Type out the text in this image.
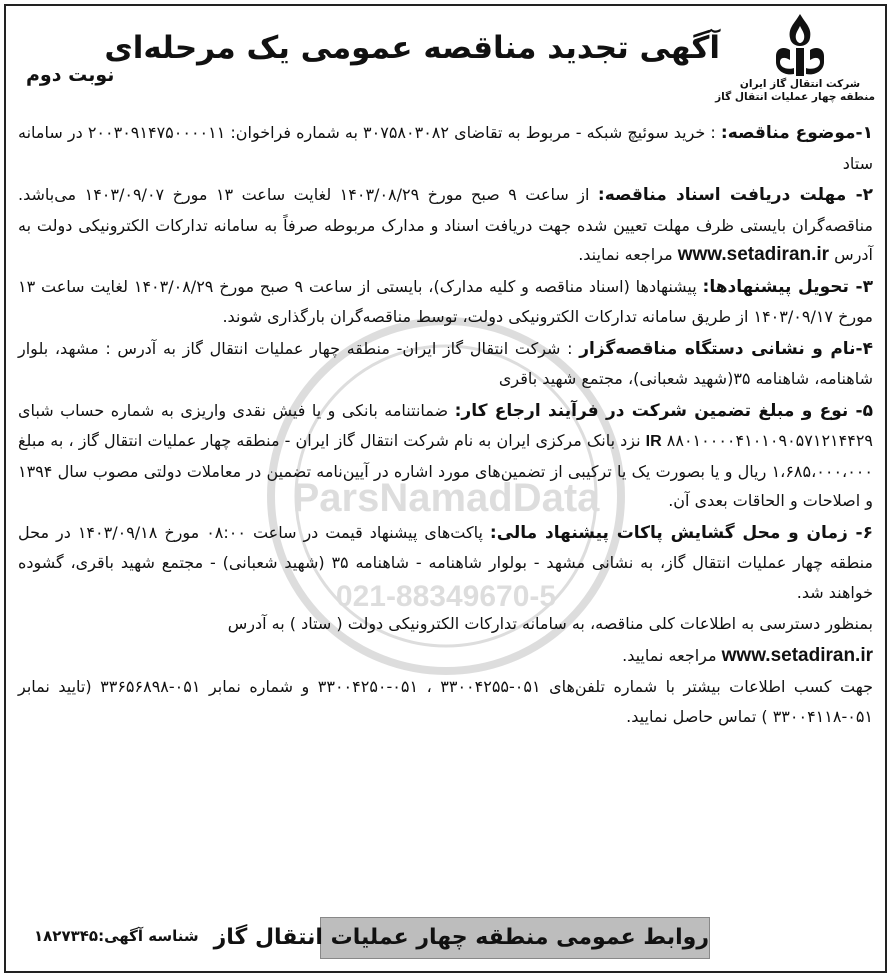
شرکت انتقال گاز ایران
منطقه چهار عملیات انتقال گاز
آگهی تجدید مناقصه عمومی یک مرحله‌ای
نوبت دوم
ParsNamadData
021-88349670-5

۱-موضوع مناقصه: : خرید سوئیچ شبکه - مربوط به تقاضای ۳۰۷۵۸۰۳۰۸۲ به شماره فراخوان: ۲۰۰۳۰۹۱۴۷۵۰۰۰۰۱۱ در سامانه ستاد

۲- مهلت دریافت اسناد مناقصه: از ساعت ۹ صبح مورخ ۱۴۰۳/۰۸/۲۹ لغایت ساعت ۱۳ مورخ ۱۴۰۳/۰۹/۰۷ می‌باشد. مناقصه‌گران بایستی ظرف مهلت تعیین شده جهت دریافت اسناد و مدارک مربوطه صرفاً به سامانه تدارکات الکترونیکی دولت به آدرس www.setadiran.ir مراجعه نمایند.

۳- تحویل پیشنهادها: پیشنهادها (اسناد مناقصه و کلیه مدارک)، بایستی از ساعت ۹ صبح مورخ ۱۴۰۳/۰۸/۲۹ لغایت ساعت ۱۳ مورخ ۱۴۰۳/۰۹/۱۷ از طریق سامانه تدارکات الکترونیکی دولت، توسط مناقصه‌گران بارگذاری شوند.

۴-نام و نشانی دستگاه مناقصه‌گزار : شرکت انتقال گاز ایران- منطقه چهار عملیات انتقال گاز به آدرس : مشهد، بلوار شاهنامه، شاهنامه ۳۵(شهید شعبانی)، مجتمع شهید باقری

۵- نوع و مبلغ تضمین شرکت در فرآیند ارجاع کار: ضمانتنامه بانکی و یا فیش نقدی واریزی به شماره حساب شبای ۸۸۰۱۰۰۰۰۴۱۰۱۰۹۰۵۷۱۲۱۴۴۲۹ IR نزد بانک مرکزی ایران به نام شرکت انتقال گاز ایران - منطقه چهار عملیات انتقال گاز ، به مبلغ ۱،۶۸۵،۰۰۰،۰۰۰ ریال و یا بصورت یک یا ترکیبی از تضمین‌های مورد اشاره در آیین‌نامه تضمین در معاملات دولتی مصوب سال ۱۳۹۴ و اصلاحات و الحاقات بعدی آن.

۶- زمان و محل گشایش پاکات پیشنهاد مالی: پاکت‌های پیشنهاد قیمت در ساعت ۰۸:۰۰ مورخ ۱۴۰۳/۰۹/۱۸ در محل منطقه چهار عملیات انتقال گاز، به نشانی مشهد - بولوار شاهنامه - شاهنامه ۳۵ (شهید شعبانی) - مجتمع شهید باقری، گشوده خواهند شد.

بمنظور دسترسی به اطلاعات کلی مناقصه، به سامانه تدارکات الکترونیکی دولت ( ستاد ) به آدرس

www.setadiran.ir مراجعه نمایید.

جهت کسب اطلاعات بیشتر با شماره تلفن‌های ۰۵۱-۳۳۰۰۴۲۵۵ ، ۰۵۱-۳۳۰۰۴۲۵۰ و شماره نمابر ۰۵۱-۳۳۶۵۶۸۹۸ (تایید نمابر ۰۵۱-۳۳۰۰۴۱۱۸ ) تماس حاصل نمایید.

روابط عمومی منطقه چهار عملیات انتقال گاز
شناسه آگهی:۱۸۲۷۳۴۵
